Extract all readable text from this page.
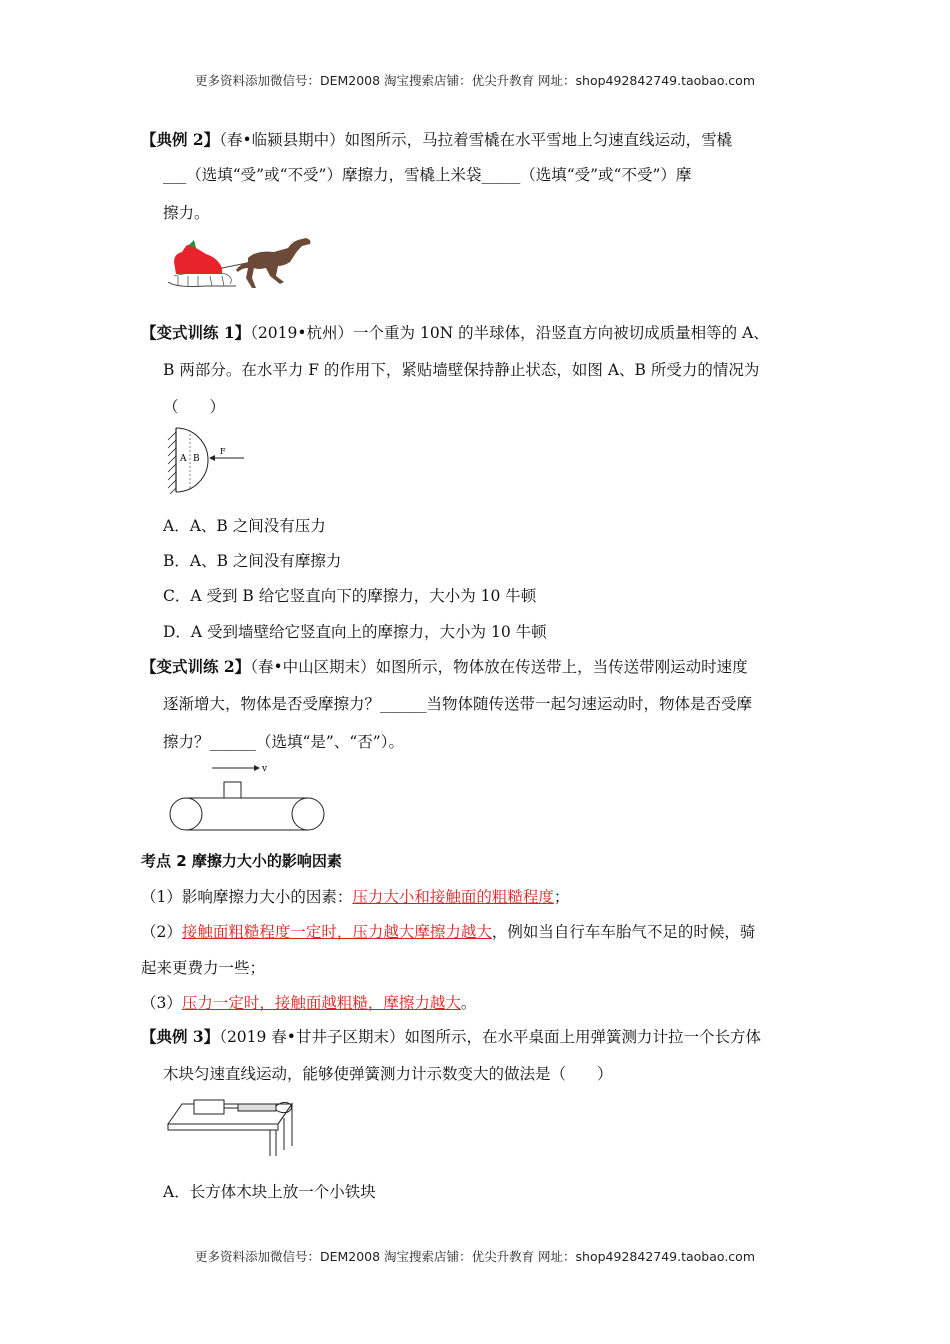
更多资料添加微信号：DEM2008 淘宝搜索店铺：优尖升教育 网址：shop492842749.taobao.com
【典例 2】（春•临颍县期中）如图所示，马拉着雪橇在水平雪地上匀速直线运动，雪橇
___（选填“受”或“不受”）摩擦力，雪橇上米袋_____（选填“受”或“不受”）摩
擦力。
【变式训练 1】（2019•杭州）一个重为 10N 的半球体，沿竖直方向被切成质量相等的 A、
B 两部分。在水平力 F 的作用下，紧贴墙壁保持静止状态，如图 A、B 所受力的情况为
（　　）
A B
F
A．A、B 之间没有压力
B．A、B 之间没有摩擦力
C．A 受到 B 给它竖直向下的摩擦力，大小为 10 牛顿
D．A 受到墙壁给它竖直向上的摩擦力，大小为 10 牛顿
【变式训练 2】（春•中山区期末）如图所示，物体放在传送带上，当传送带刚运动时速度
逐渐增大，物体是否受摩擦力？______当物体随传送带一起匀速运动时，物体是否受摩
擦力？______（选填“是”、“否”）。
v
考点 2 摩擦力大小的影响因素
（1）影响摩擦力大小的因素：压力大小和接触面的粗糙程度；
（2）接触面粗糙程度一定时，压力越大摩擦力越大，例如当自行车车胎气不足的时候，骑
起来更费力一些；
（3）压力一定时，接触面越粗糙，摩擦力越大。
【典例 3】（2019 春•甘井子区期末）如图所示，在水平桌面上用弹簧测力计拉一个长方体
木块匀速直线运动，能够使弹簧测力计示数变大的做法是（　　）
A．长方体木块上放一个小铁块
更多资料添加微信号：DEM2008 淘宝搜索店铺：优尖升教育 网址：shop492842749.taobao.com
